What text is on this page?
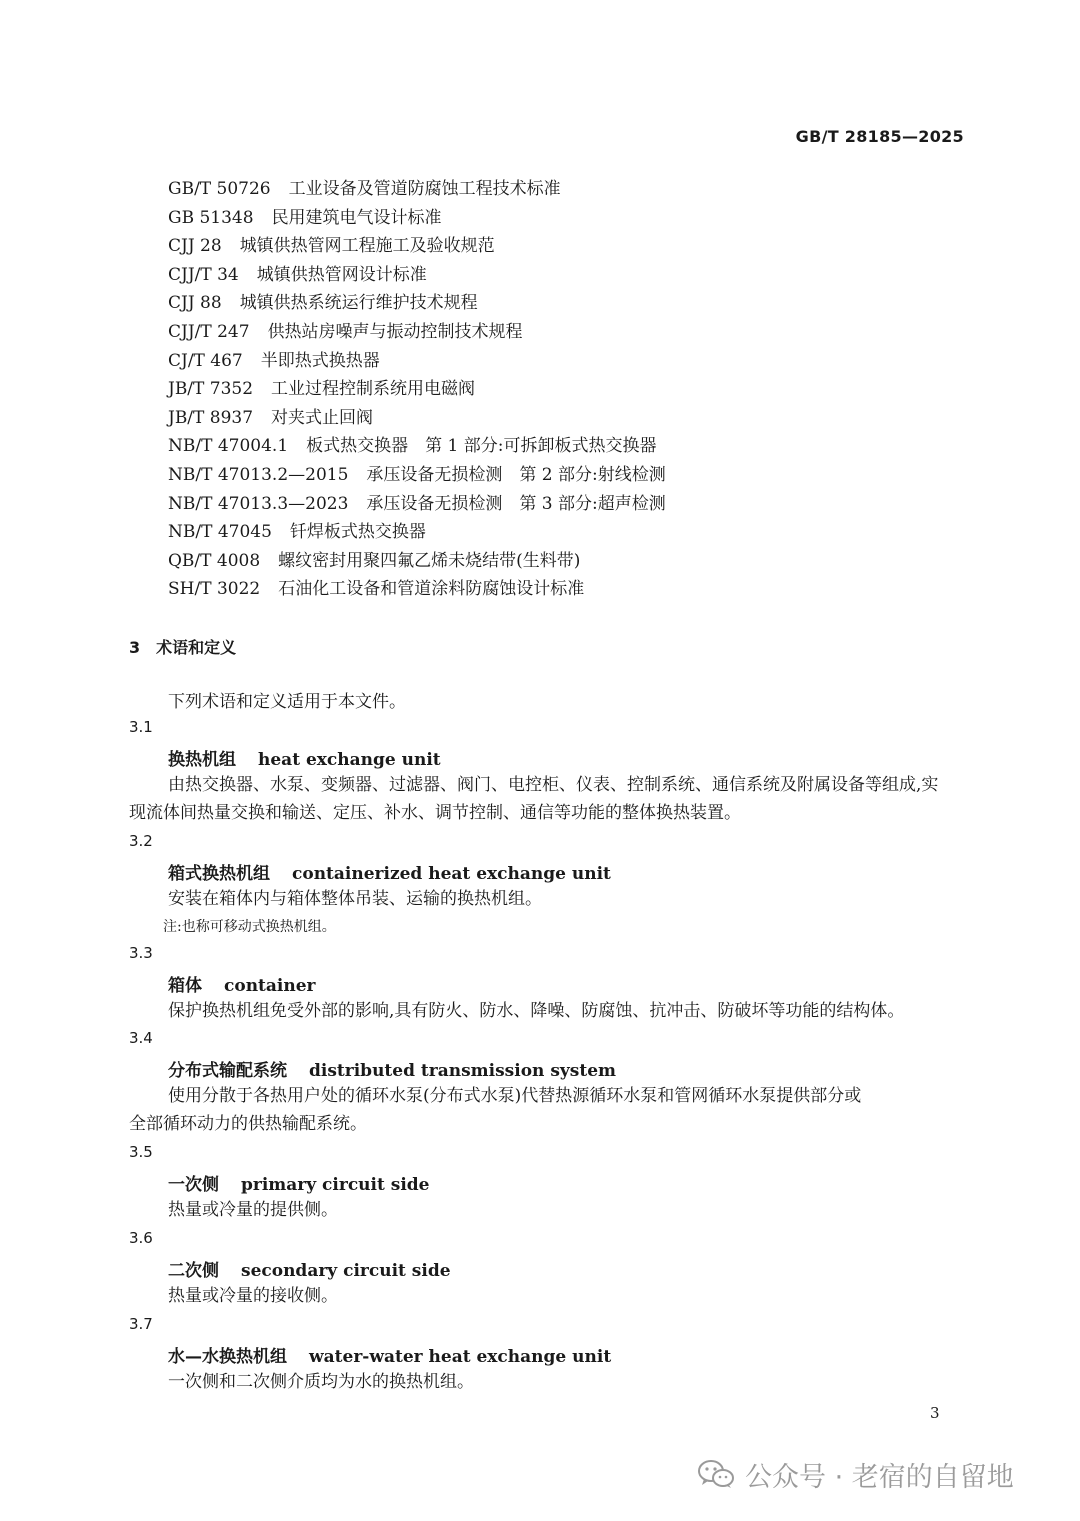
GB/T 28185—2025
GB/T 50726 工业设备及管道防腐蚀工程技术标准
GB 51348 民用建筑电气设计标准
CJJ 28 城镇供热管网工程施工及验收规范
CJJ/T 34 城镇供热管网设计标准
CJJ 88 城镇供热系统运行维护技术规程
CJJ/T 247 供热站房噪声与振动控制技术规程
CJ/T 467 半即热式换热器
JB/T 7352 工业过程控制系统用电磁阀
JB/T 8937 对夹式止回阀
NB/T 47004.1 板式热交换器　第 1 部分:可拆卸板式热交换器
NB/T 47013.2—2015 承压设备无损检测　第 2 部分:射线检测
NB/T 47013.3—2023 承压设备无损检测　第 3 部分:超声检测
NB/T 47045 钎焊板式热交换器
QB/T 4008 螺纹密封用聚四氟乙烯未烧结带(生料带)
SH/T 3022 石油化工设备和管道涂料防腐蚀设计标准
3 术语和定义
下列术语和定义适用于本文件。
3.1
换热机组 heat exchange unit
由热交换器、水泵、变频器、过滤器、阀门、电控柜、仪表、控制系统、通信系统及附属设备等组成,实
现流体间热量交换和输送、定压、补水、调节控制、通信等功能的整体换热装置。
3.2
箱式换热机组 containerized heat exchange unit
安装在箱体内与箱体整体吊装、运输的换热机组。
注:也称可移动式换热机组。
3.3
箱体 container
保护换热机组免受外部的影响,具有防火、防水、降噪、防腐蚀、抗冲击、防破坏等功能的结构体。
3.4
分布式输配系统 distributed transmission system
使用分散于各热用户处的循环水泵(分布式水泵)代替热源循环水泵和管网循环水泵提供部分或
全部循环动力的供热输配系统。
3.5
一次侧 primary circuit side
热量或冷量的提供侧。
3.6
二次侧 secondary circuit side
热量或冷量的接收侧。
3.7
水—水换热机组 water-water heat exchange unit
一次侧和二次侧介质均为水的换热机组。
3
公众号 · 老宿的自留地
